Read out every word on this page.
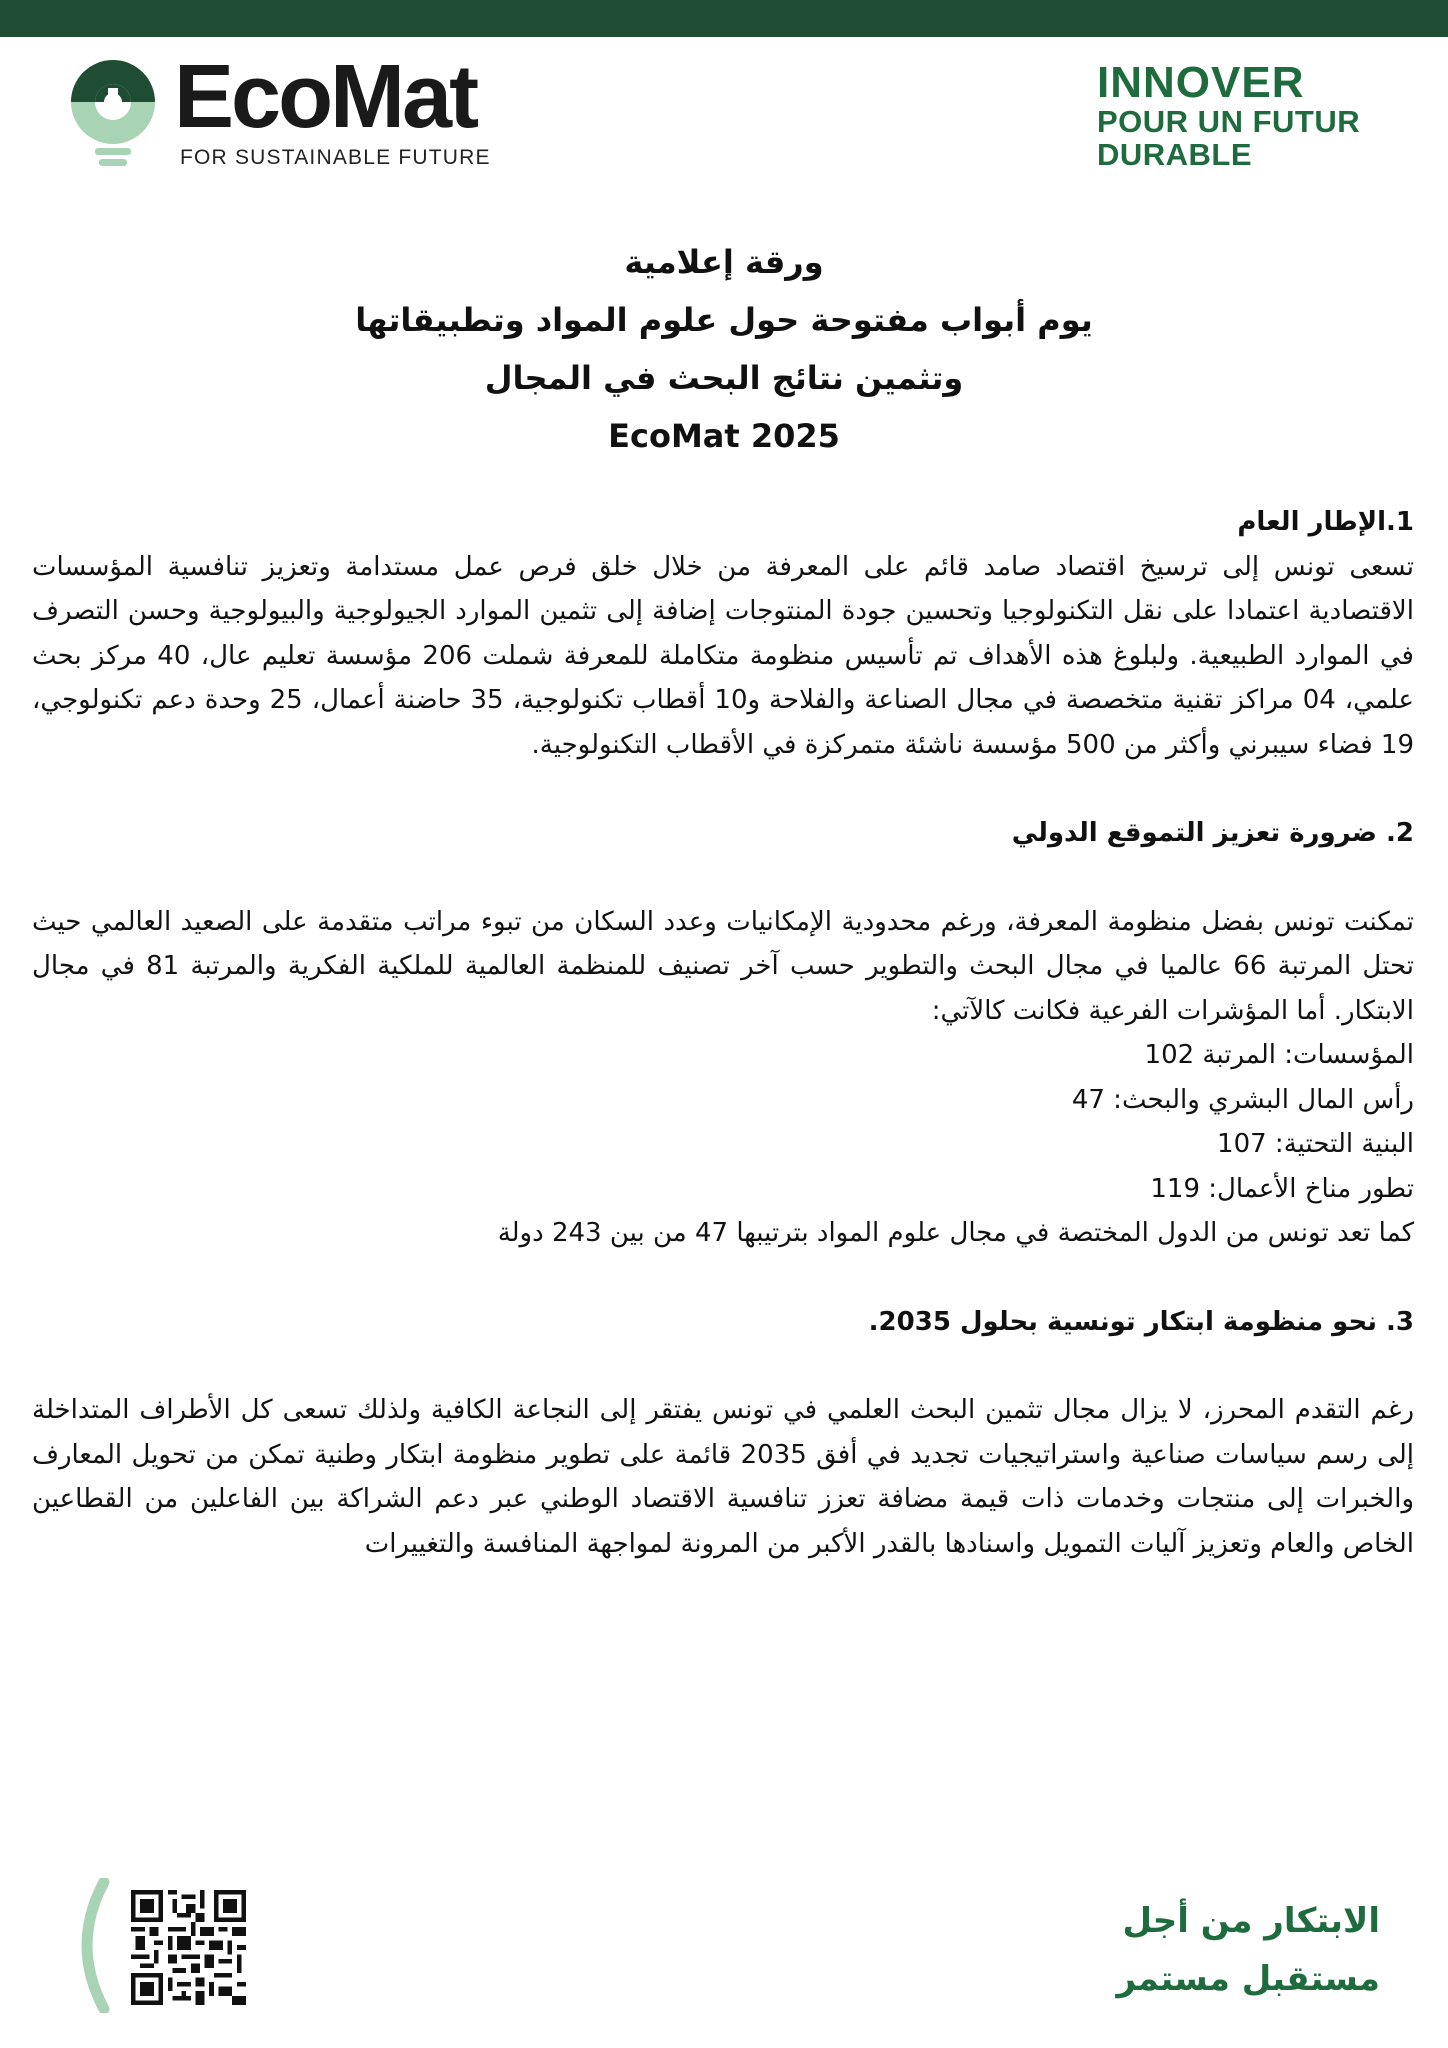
EcoMat
FOR SUSTAINABLE FUTURE
INNOVER
POUR UN FUTUR
DURABLE
ورقة إعلامية
يوم أبواب مفتوحة حول علوم المواد وتطبيقاتها
وتثمين نتائج البحث في المجال
EcoMat 2025

1.الإطار العام

تسعى تونس إلى ترسيخ اقتصاد صامد قائم على المعرفة من خلال خلق فرص عمل مستدامة وتعزيز تنافسية المؤسسات الاقتصادية اعتمادا على نقل التكنولوجيا وتحسين جودة المنتوجات إضافة إلى تثمين الموارد الجيولوجية والبيولوجية وحسن التصرف في الموارد الطبيعية. ولبلوغ هذه الأهداف تم تأسيس منظومة متكاملة للمعرفة شملت 206 مؤسسة تعليم عال، 40 مركز بحث علمي، 04 مراكز تقنية متخصصة في مجال الصناعة والفلاحة و10 أقطاب تكنولوجية، 35 حاضنة أعمال، 25 وحدة دعم تكنولوجي، 19 فضاء سيبرني وأكثر من 500 مؤسسة ناشئة متمركزة في الأقطاب التكنولوجية.

2. ضرورة تعزيز التموقع الدولي

تمكنت تونس بفضل منظومة المعرفة، ورغم محدودية الإمكانيات وعدد السكان من تبوء مراتب متقدمة على الصعيد العالمي حيث تحتل المرتبة 66 عالميا في مجال البحث والتطوير حسب آخر تصنيف للمنظمة العالمية للملكية الفكرية والمرتبة 81 في مجال الابتكار. أما المؤشرات الفرعية فكانت كالآتي:

المؤسسات: المرتبة 102

رأس المال البشري والبحث: 47

البنية التحتية: 107

تطور مناخ الأعمال: 119

كما تعد تونس من الدول المختصة في مجال علوم المواد بترتيبها 47 من بين 243 دولة

3. نحو منظومة ابتكار تونسية بحلول 2035.

رغم التقدم المحرز، لا يزال مجال تثمين البحث العلمي في تونس يفتقر إلى النجاعة الكافية ولذلك تسعى كل الأطراف المتداخلة إلى رسم سياسات صناعية واستراتيجيات تجديد في أفق 2035 قائمة على تطوير منظومة ابتكار وطنية تمكن من تحويل المعارف والخبرات إلى منتجات وخدمات ذات قيمة مضافة تعزز تنافسية الاقتصاد الوطني عبر دعم الشراكة بين الفاعلين من القطاعين الخاص والعام وتعزيز آليات التمويل واسنادها بالقدر الأكبر من المرونة لمواجهة المنافسة والتغييرات

الابتكار من أجل
مستقبل مستمر
